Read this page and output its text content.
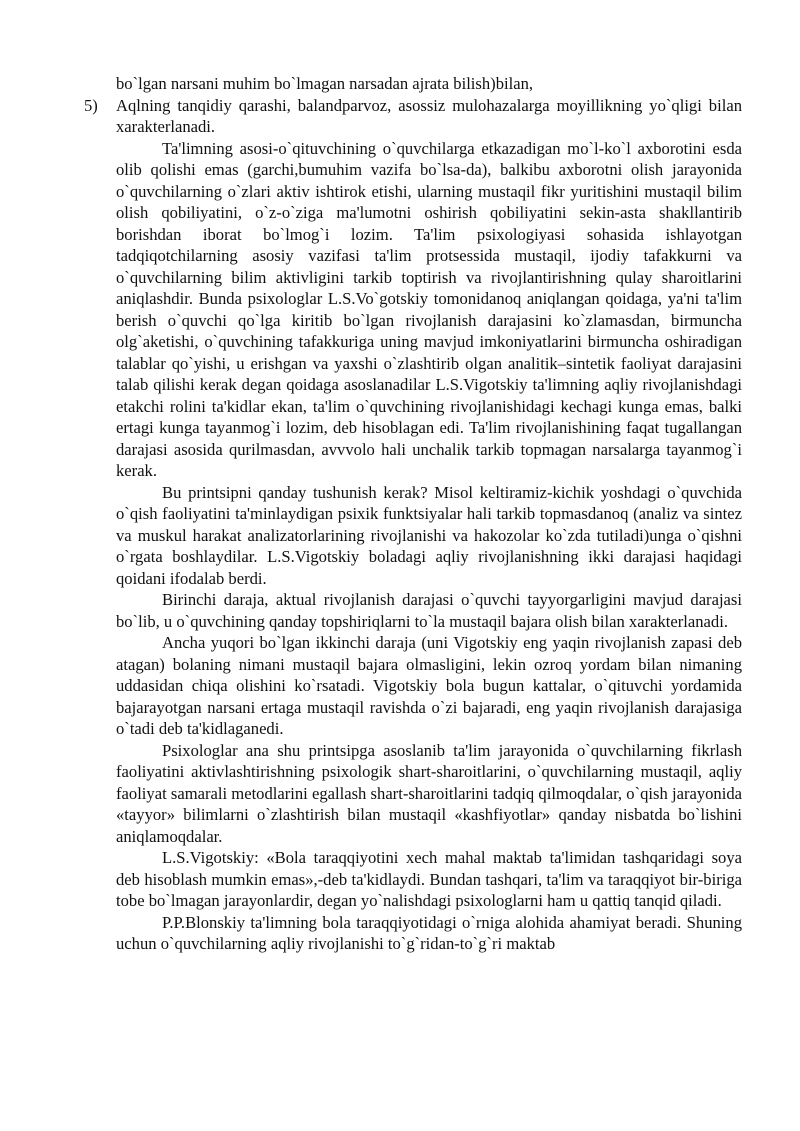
bo`lgan narsani muhim bo`lmagan narsadan ajrata bilish)bilan,

5) Aqlning tanqidiy qarashi, balandparvoz, asossiz mulohazalarga moyillikning yo`qligi bilan xarakterlanadi.

Ta'limning asosi-o`qituvchining o`quvchilarga etkazadigan mo`l-ko`l axborotini esda olib qolishi emas (garchi,bumuhim vazifa bo`lsa-da), balkibu axborotni olish jarayonida o`quvchilarning o`zlari aktiv ishtirok etishi, ularning mustaqil fikr yuritishini mustaqil bilim olish qobiliyatini, o`z-o`ziga ma'lumotni oshirish qobiliyatini sekin-asta shakllantirib borishdan iborat bo`lmog`i lozim. Ta'lim psixologiyasi sohasida ishlayotgan tadqiqotchilarning asosiy vazifasi ta'lim protsessida mustaqil, ijodiy tafakkurni va o`quvchilarning bilim aktivligini tarkib toptirish va rivojlantirishning qulay sharoitlarini aniqlashdir. Bunda psixologlar L.S.Vo`gotskiy tomonidanoq aniqlangan qoidaga, ya'ni ta'lim berish o`quvchi qo`lga kiritib bo`lgan rivojlanish darajasini ko`zlamasdan, birmuncha olg`aketishi, o`quvchining tafakkuriga uning mavjud imkoniyatlarini birmuncha oshiradigan talablar qo`yishi, u erishgan va yaxshi o`zlashtirib olgan analitik–sintetik faoliyat darajasini talab qilishi kerak degan qoidaga asoslanadilar L.S.Vigotskiy ta'limning aqliy rivojlanishdagi etakchi rolini ta'kidlar ekan, ta'lim o`quvchining rivojlanishidagi kechagi kunga emas, balki ertagi kunga tayanmog`i lozim, deb hisoblagan edi. Ta'lim rivojlanishining faqat tugallangan darajasi asosida qurilmasdan, avvvolo hali unchalik tarkib topmagan narsalarga tayanmog`i kerak.

Bu printsipni qanday tushunish kerak? Misol keltiramiz-kichik yoshdagi o`quvchida o`qish faoliyatini ta'minlaydigan psixik funktsiyalar hali tarkib topmasdanoq (analiz va sintez va muskul harakat analizatorlarining rivojlanishi va hakozolar ko`zda tutiladi)unga o`qishni o`rgata boshlaydilar. L.S.Vigotskiy boladagi aqliy rivojlanishning ikki darajasi haqidagi qoidani ifodalab berdi.

Birinchi daraja, aktual rivojlanish darajasi o`quvchi tayyorgarligini mavjud darajasi bo`lib, u o`quvchining qanday topshiriqlarni to`la mustaqil bajara olish bilan xarakterlanadi.

Ancha yuqori bo`lgan ikkinchi daraja (uni Vigotskiy eng yaqin rivojlanish zapasi deb atagan) bolaning nimani mustaqil bajara olmasligini, lekin ozroq yordam bilan nimaning uddasidan chiqa olishini ko`rsatadi. Vigotskiy bola bugun kattalar, o`qituvchi yordamida bajarayotgan narsani ertaga mustaqil ravishda o`zi bajaradi, eng yaqin rivojlanish darajasiga o`tadi deb ta'kidlaganedi.

Psixologlar ana shu printsipga asoslanib ta'lim jarayonida o`quvchilarning fikrlash faoliyatini aktivlashtirishning psixologik shart-sharoitlarini, o`quvchilarning mustaqil, aqliy faoliyat samarali metodlarini egallash shart-sharoitlarini tadqiq qilmoqdalar, o`qish jarayonida «tayyor» bilimlarni o`zlashtirish bilan mustaqil «kashfiyotlar» qanday nisbatda bo`lishini aniqlamoqdalar.

L.S.Vigotskiy: «Bola taraqqiyotini xech mahal maktab ta'limidan tashqaridagi soya deb hisoblash mumkin emas»,-deb ta'kidlaydi. Bundan tashqari, ta'lim va taraqqiyot bir-biriga tobe bo`lmagan jarayonlardir, degan yo`nalishdagi psixologlarni ham u qattiq tanqid qiladi.

P.P.Blonskiy ta'limning bola taraqqiyotidagi o`rniga alohida ahamiyat beradi. Shuning uchun o`quvchilarning aqliy rivojlanishi to`g`ridan-to`g`ri maktab
